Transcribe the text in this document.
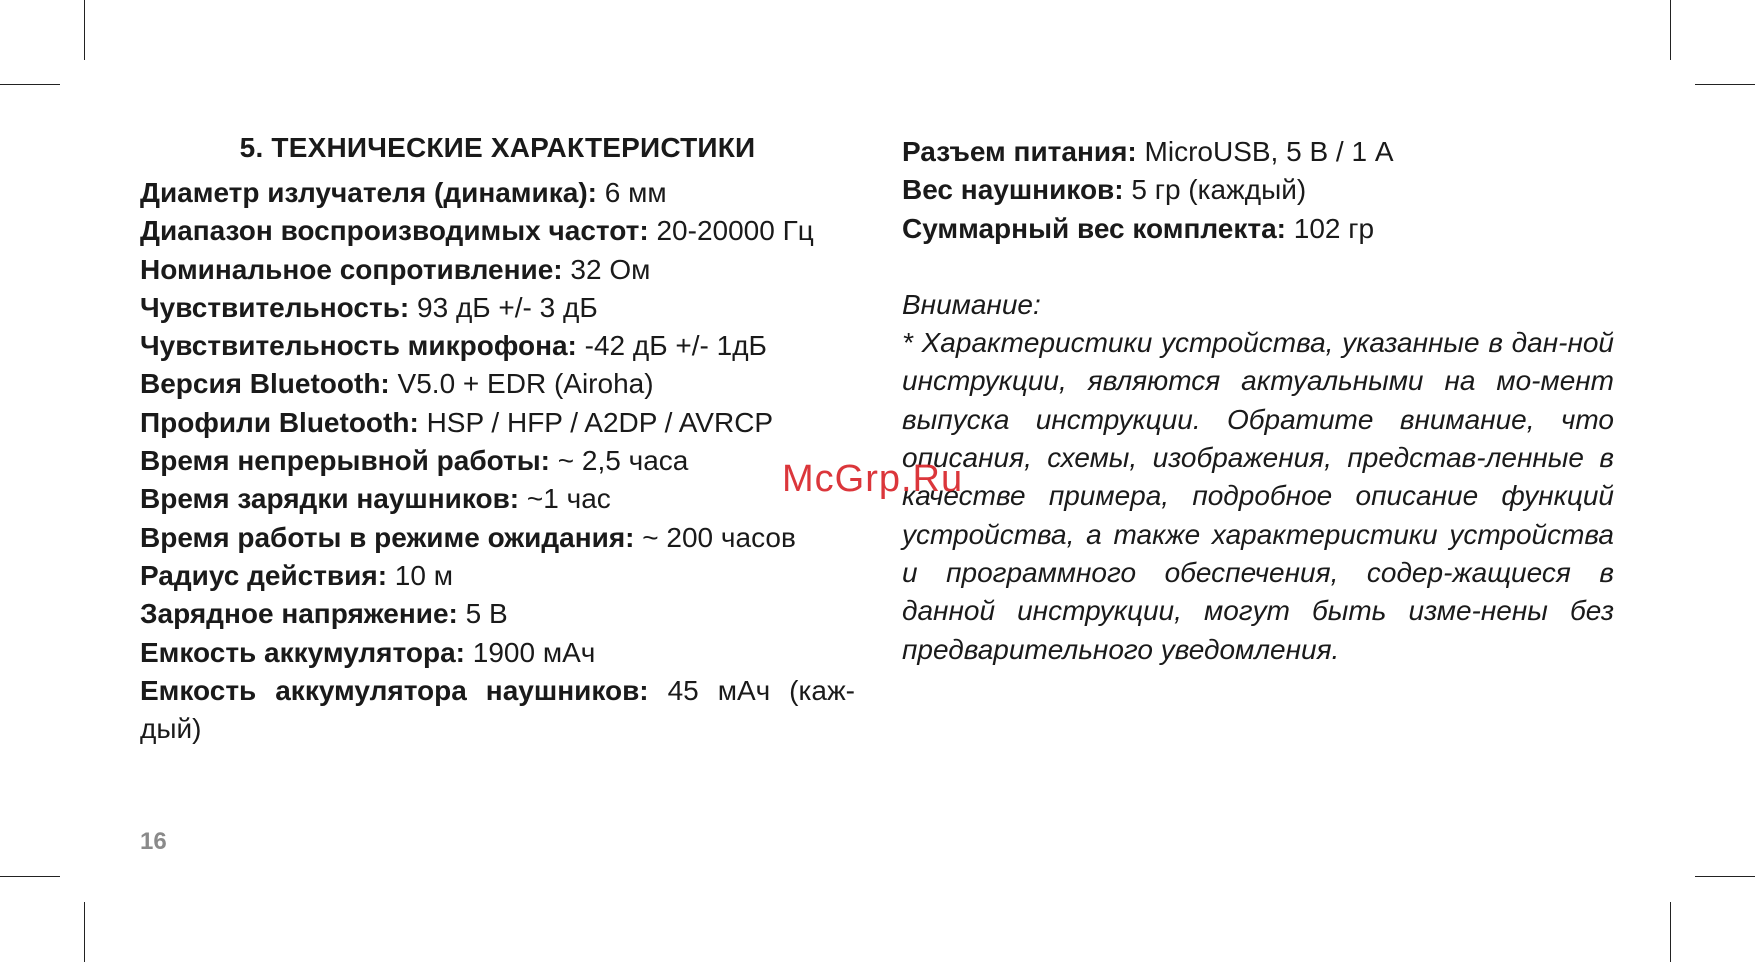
5. ТЕХНИЧЕСКИЕ ХАРАКТЕРИСТИКИ

Диаметр излучателя (динамика): 6 мм

Диапазон воспроизводимых частот: 20-20000 Гц

Номинальное сопротивление: 32 Ом

Чувствительность: 93 дБ +/- 3 дБ

Чувствительность микрофона: -42 дБ +/- 1дБ

Версия Bluetooth: V5.0 + EDR (Airoha)

Профили Bluetooth: HSP / HFP / A2DP / AVRCP

Время непрерывной работы: ~ 2,5 часа

Время зарядки наушников: ~1 час

Время работы в режиме ожидания: ~ 200 часов

Радиус действия: 10 м

Зарядное напряжение: 5 В

Емкость аккумулятора: 1900 мАч

Емкость аккумулятора наушников: 45 мАч (каж-дый)

Разъем питания: MicroUSB, 5 В / 1 А

Вес наушников: 5 гр (каждый)

Суммарный вес комплекта: 102 гр

Внимание:

* Характеристики устройства, указанные в дан-ной инструкции, являются актуальными на мо-мент выпуска инструкции. Обратите внимание, что описания, схемы, изображения, представ-ленные в качестве примера, подробное описание функций устройства, а также характеристики устройства и программного обеспечения, содер-жащиеся в данной инструкции, могут быть изме-нены без предварительного уведомления.

16
McGrp.Ru
